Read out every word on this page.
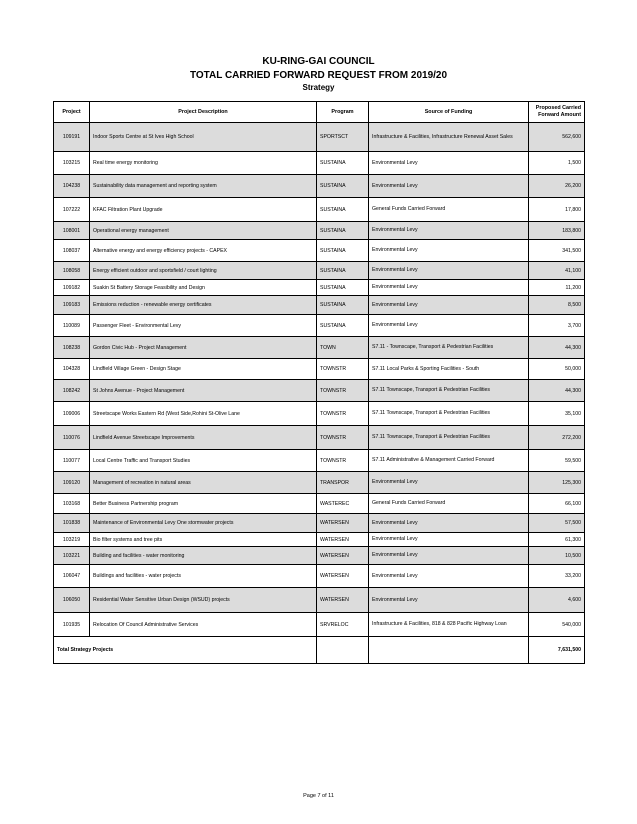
KU-RING-GAI COUNCIL
TOTAL CARRIED FORWARD REQUEST FROM 2019/20
Strategy
Project	Project Description	Program	Source of Funding	Proposed Carried Forward Amount
109191	Indoor Sports Centre at St Ives High School	SPORTSCT	Infrastructure & Facilities, Infrastructure Renewal Asset Sales	562,600
103215	Real time energy monitoring	SUSTAINA	Environmental Levy	1,500
104238	Sustainability data management and reporting system	SUSTAINA	Environmental Levy	26,200
107222	KFAC Filtration Plant Upgrade	SUSTAINA	General Funds Carried Forward	17,800
108001	Operational energy management	SUSTAINA	Environmental Levy	183,800
108037	Alternative energy and energy efficiency projects - CAPEX	SUSTAINA	Environmental Levy	341,500
108058	Energy efficient outdoor and sportsfield / court lighting	SUSTAINA	Environmental Levy	41,100
109182	Suakin St Battery Storage Feasibility and Design	SUSTAINA	Environmental Levy	11,200
109183	Emissions reduction - renewable energy certificates	SUSTAINA	Environmental Levy	8,500
110089	Passenger Fleet - Environmental Levy	SUSTAINA	Environmental Levy	3,700
108238	Gordon Civic Hub - Project Management	TOWN	S7.11 - Townscape, Transport & Pedestrian Facilities	44,300
104328	Lindfield Village Green - Design Stage	TOWNSTR	S7.11 Local Parks & Sporting Facilities - South	50,000
108242	St Johns Avenue - Project Management	TOWNSTR	S7.11 Townscape, Transport & Pedestrian Facilities	44,300
109006	Streetscape Works Eastern Rd (West Side,Rohini St-Olive Lane	TOWNSTR	S7.11 Townscape, Transport & Pedestrian Facilities	35,100
110076	Lindfield Avenue Streetscape Improvements	TOWNSTR	S7.11 Townscape, Transport & Pedestrian Facilities	272,200
110077	Local Centre Traffic and Transport Studies	TOWNSTR	S7.11 Administrative & Management Carried Forward	59,500
109120	Management of recreation in natural areas	TRANSPOR	Environmental Levy	125,300
103168	Better Business Partnership program	WASTEREC	General Funds Carried Forward	66,100
101838	Maintenance of Environmental Levy One stormwater projects	WATERSEN	Environmental Levy	57,500
103219	Bio filter systems and tree pits	WATERSEN	Environmental Levy	61,300
103221	Building and facilities - water monitoring	WATERSEN	Environmental Levy	10,500
106047	Buildings and facilities - water projects	WATERSEN	Environmental Levy	33,200
106050	Residential Water Sensitive Urban Design (WSUD) projects	WATERSEN	Environmental Levy	4,600
101935	Relocation Of Council Administrative Services	SRVRELOC	Infrastructure & Facilities, 818 & 828 Pacific Highway Loan	540,000
Total Strategy Projects				7,631,500
Page 7 of 11
